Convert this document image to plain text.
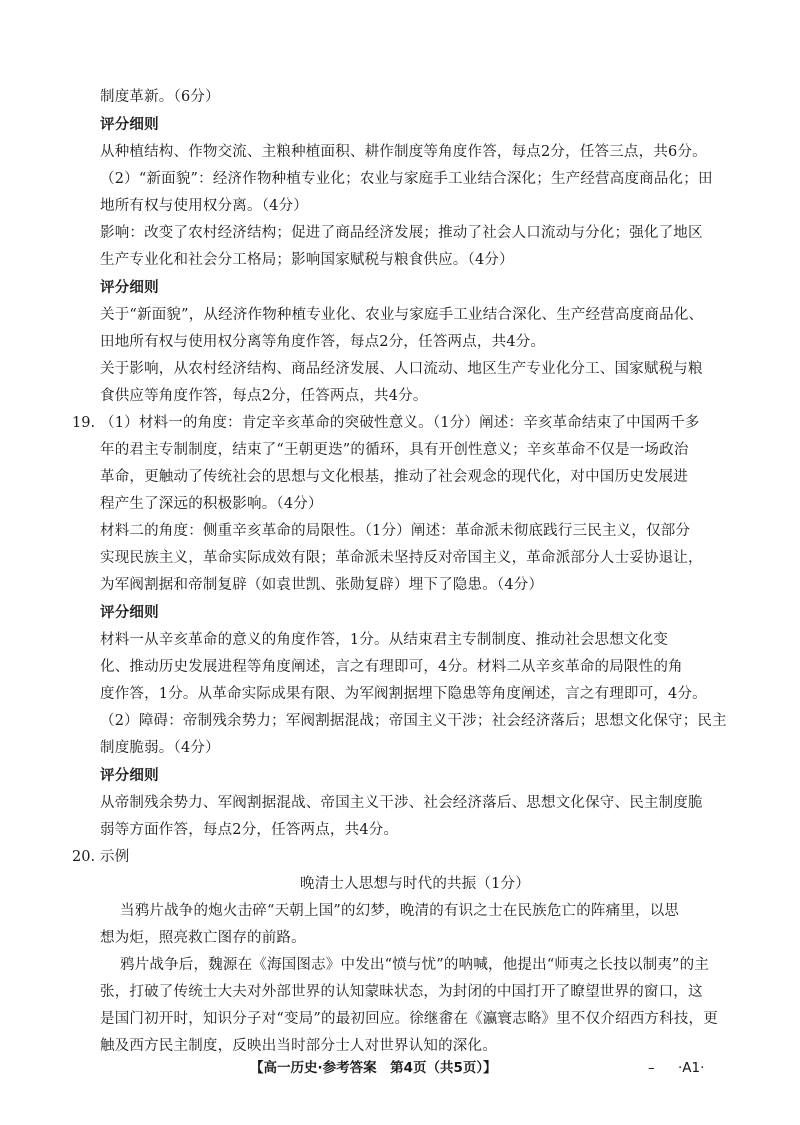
制度革新。（6分）
评分细则
从种植结构、作物交流、主粮种植面积、耕作制度等角度作答，每点2分，任答三点，共6分。
（2）“新面貌”：经济作物种植专业化；农业与家庭手工业结合深化；生产经营高度商品化；田
地所有权与使用权分离。（4分）
影响：改变了农村经济结构；促进了商品经济发展；推动了社会人口流动与分化；强化了地区
生产专业化和社会分工格局；影响国家赋税与粮食供应。（4分）
评分细则
关于“新面貌”，从经济作物种植专业化、农业与家庭手工业结合深化、生产经营高度商品化、
田地所有权与使用权分离等角度作答，每点2分，任答两点，共4分。
关于影响，从农村经济结构、商品经济发展、人口流动、地区生产专业化分工、国家赋税与粮
食供应等角度作答，每点2分，任答两点，共4分。
19. （1）材料一的角度：肯定辛亥革命的突破性意义。（1分）阐述：辛亥革命结束了中国两千多
年的君主专制制度，结束了“王朝更迭”的循环，具有开创性意义；辛亥革命不仅是一场政治
革命，更触动了传统社会的思想与文化根基，推动了社会观念的现代化，对中国历史发展进
程产生了深远的积极影响。（4分）
材料二的角度：侧重辛亥革命的局限性。（1分）阐述：革命派未彻底践行三民主义，仅部分
实现民族主义，革命实际成效有限；革命派未坚持反对帝国主义，革命派部分人士妥协退让，
为军阀割据和帝制复辟（如袁世凯、张勋复辟）埋下了隐患。（4分）
评分细则
材料一从辛亥革命的意义的角度作答，1分。从结束君主专制制度、推动社会思想文化变
化、推动历史发展进程等角度阐述，言之有理即可，4分。材料二从辛亥革命的局限性的角
度作答，1分。从革命实际成果有限、为军阀割据埋下隐患等角度阐述，言之有理即可，4分。
（2）障碍：帝制残余势力；军阀割据混战；帝国主义干涉；社会经济落后；思想文化保守；民主
制度脆弱。（4分）
评分细则
从帝制残余势力、军阀割据混战、帝国主义干涉、社会经济落后、思想文化保守、民主制度脆
弱等方面作答，每点2分，任答两点，共4分。
20. 示例
晚清士人思想与时代的共振（1分）
当鸦片战争的炮火击碎“天朝上国”的幻梦，晚清的有识之士在民族危亡的阵痛里，以思
想为炬，照亮救亡图存的前路。
鸦片战争后，魏源在《海国图志》中发出“愤与忧”的呐喊，他提出“师夷之长技以制夷”的主
张，打破了传统士大夫对外部世界的认知蒙昧状态，为封闭的中国打开了瞭望世界的窗口，这
是国门初开时，知识分子对“变局”的最初回应。徐继畬在《瀛寰志略》里不仅介绍西方科技，更
触及西方民主制度，反映出当时部分士人对世界认知的深化。
【高一历史·参考答案　第4页（共5页）】	– ·A1·
